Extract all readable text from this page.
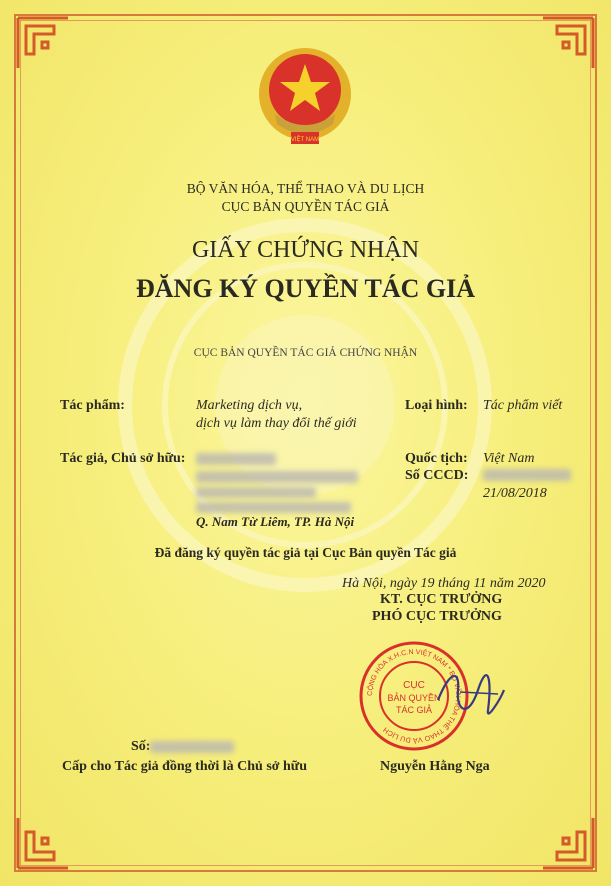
VIỆT NAM
BỘ VĂN HÓA, THỂ THAO VÀ DU LỊCH
CỤC BẢN QUYỀN TÁC GIẢ
GIẤY CHỨNG NHẬN
ĐĂNG KÝ QUYỀN TÁC GIẢ
CỤC BẢN QUYỀN TÁC GIẢ CHỨNG NHẬN
Tác phẩm:	Marketing dịch vụ,
dịch vụ làm thay đổi thế giới
Loại hình: Tác phẩm viết
Tác giả, Chủ sở hữu:
Q. Nam Từ Liêm, TP. Hà Nội
Quốc tịch: Việt Nam
Số CCCD:
21/08/2018
Đã đăng ký quyền tác giả tại Cục Bản quyền Tác giả
Hà Nội, ngày 19 tháng 11 năm 2020
KT. CỤC TRƯỞNG
PHÓ CỤC TRƯỞNG
CỘNG HÒA X.H.C.N VIỆT NAM * BỘ VĂN HÓA THỂ THAO VÀ DU LỊCH
CỤC
BẢN QUYỀN
TÁC GIẢ
Số:
Cấp cho Tác giả đồng thời là Chủ sở hữu	Nguyễn Hằng Nga
